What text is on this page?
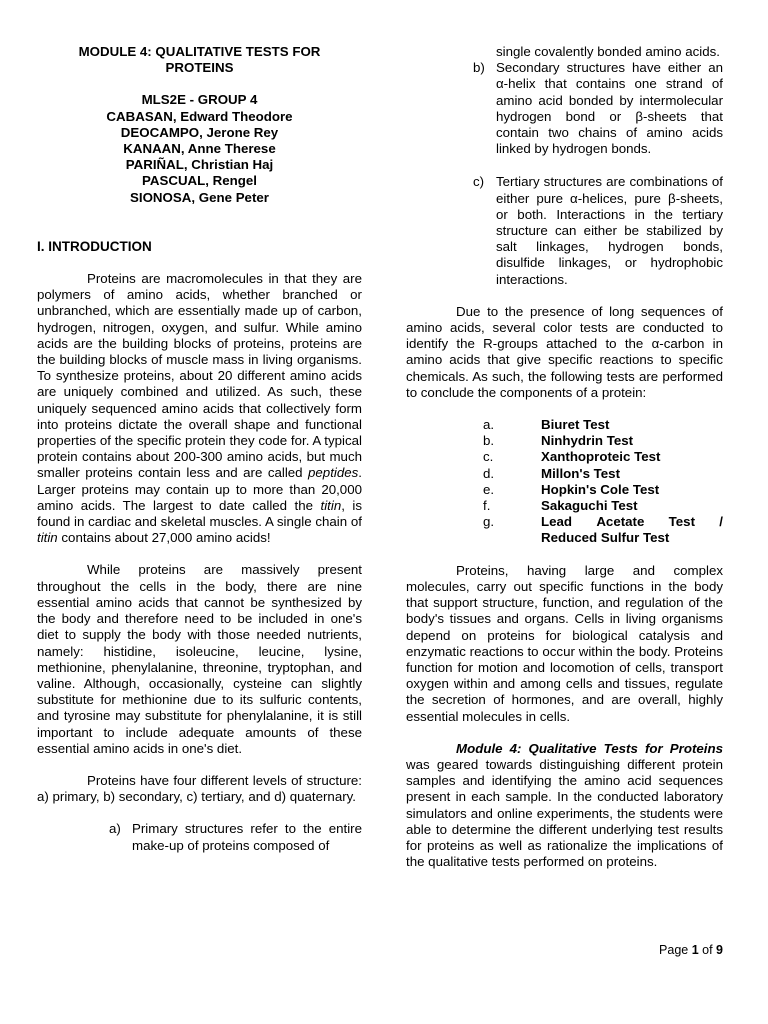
MODULE 4: QUALITATIVE TESTS FOR
PROTEINS
MLS2E - GROUP 4
CABASAN, Edward Theodore
DEOCAMPO, Jerone Rey
KANAAN, Anne Therese
PARIÑAL, Christian Haj
PASCUAL, Rengel
SIONOSA, Gene Peter
I. INTRODUCTION
Proteins are macromolecules in that they are polymers of amino acids, whether branched or unbranched, which are essentially made up of carbon, hydrogen, nitrogen, oxygen, and sulfur. While amino acids are the building blocks of proteins, proteins are the building blocks of muscle mass in living organisms. To synthesize proteins, about 20 different amino acids are uniquely combined and utilized. As such, these uniquely sequenced amino acids that collectively form into proteins dictate the overall shape and functional properties of the specific protein they code for. A typical protein contains about 200-300 amino acids, but much smaller proteins contain less and are called peptides. Larger proteins may contain up to more than 20,000 amino acids. The largest to date called the titin, is found in cardiac and skeletal muscles. A single chain of titin contains about 27,000 amino acids!
While proteins are massively present throughout the cells in the body, there are nine essential amino acids that cannot be synthesized by the body and therefore need to be included in one's diet to supply the body with those needed nutrients, namely: histidine, isoleucine, leucine, lysine, methionine, phenylalanine, threonine, tryptophan, and valine. Although, occasionally, cysteine can slightly substitute for methionine due to its sulfuric contents, and tyrosine may substitute for phenylalanine, it is still important to include adequate amounts of these essential amino acids in one's diet.
Proteins have four different levels of structure: a) primary, b) secondary, c) tertiary, and d) quaternary.
a) Primary structures refer to the entire make-up of proteins composed of
single covalently bonded amino acids.
b) Secondary structures have either an α-helix that contains one strand of amino acid bonded by intermolecular hydrogen bond or β-sheets that contain two chains of amino acids linked by hydrogen bonds.
c) Tertiary structures are combinations of either pure α-helices, pure β-sheets, or both. Interactions in the tertiary structure can either be stabilized by salt linkages, hydrogen bonds, disulfide linkages, or hydrophobic interactions.
Due to the presence of long sequences of amino acids, several color tests are conducted to identify the R-groups attached to the α-carbon in amino acids that give specific reactions to specific chemicals. As such, the following tests are performed to conclude the components of a protein:
a.	Biuret Test
b.	Ninhydrin Test
c.	Xanthoproteic Test
d.	Millon's Test
e.	Hopkin's Cole Test
f.	Sakaguchi Test
g.	Lead Acetate Test /
Reduced Sulfur Test
Proteins, having large and complex molecules, carry out specific functions in the body that support structure, function, and regulation of the body's tissues and organs. Cells in living organisms depend on proteins for biological catalysis and enzymatic reactions to occur within the body. Proteins function for motion and locomotion of cells, transport oxygen within and among cells and tissues, regulate the secretion of hormones, and are overall, highly essential molecules in cells.
Module 4: Qualitative Tests for Proteins was geared towards distinguishing different protein samples and identifying the amino acid sequences present in each sample. In the conducted laboratory simulators and online experiments, the students were able to determine the different underlying test results for proteins as well as rationalize the implications of the qualitative tests performed on proteins.
Page 1 of 9
